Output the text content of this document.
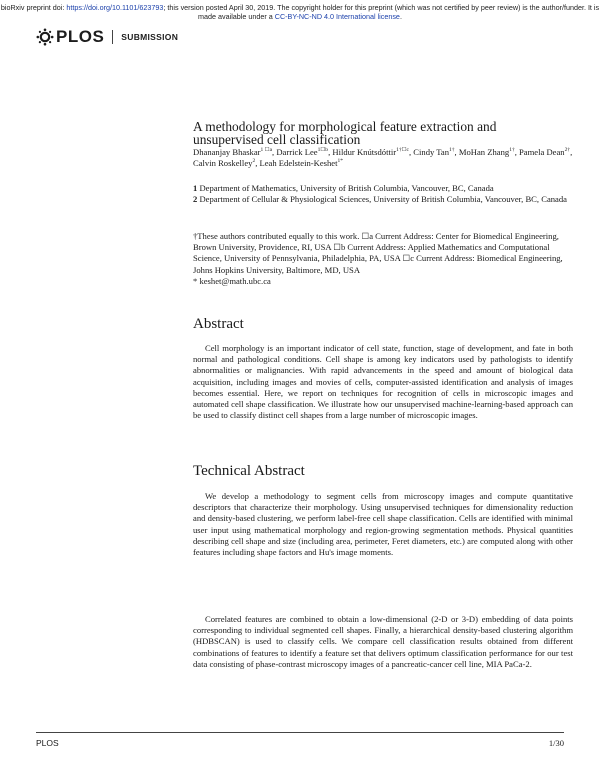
bioRxiv preprint doi: https://doi.org/10.1101/623793; this version posted April 30, 2019. The copyright holder for this preprint (which was not certified by peer review) is the author/funder. It is made available under a CC-BY-NC-ND 4.0 International license.
PLOS SUBMISSION
A methodology for morphological feature extraction and unsupervised cell classification
Dhananjay Bhaskar$^{1 ☐a}$, Darrick Lee$^{1☐b}$, Hildur Knútsdóttir$^{1\dagger☐c}$, Cindy Tan$^{1\dagger}$, MoHan Zhang$^{1\dagger}$, Pamela Dean$^{2\dagger}$, Calvin Roskelley$^2$, Leah Edelstein-Keshet$^{1*}$
1 Department of Mathematics, University of British Columbia, Vancouver, BC, Canada
2 Department of Cellular & Physiological Sciences, University of British Columbia, Vancouver, BC, Canada
†These authors contributed equally to this work. ☐a Current Address: Center for Biomedical Engineering, Brown University, Providence, RI, USA ☐b Current Address: Applied Mathematics and Computational Science, University of Pennsylvania, Philadelphia, PA, USA ☐c Current Address: Biomedical Engineering, Johns Hopkins University, Baltimore, MD, USA
* keshet@math.ubc.ca
Abstract
Cell morphology is an important indicator of cell state, function, stage of development, and fate in both normal and pathological conditions. Cell shape is among key indicators used by pathologists to identify abnormalities or malignancies. With rapid advancements in the speed and amount of biological data acquisition, including images and movies of cells, computer-assisted identification and analysis of images becomes essential. Here, we report on techniques for recognition of cells in microscopic images and automated cell shape classification. We illustrate how our unsupervised machine-learning-based approach can be used to classify distinct cell shapes from a large number of microscopic images.
Technical Abstract
We develop a methodology to segment cells from microscopy images and compute quantitative descriptors that characterize their morphology. Using unsupervised techniques for dimensionality reduction and density-based clustering, we perform label-free cell shape classification. Cells are identified with minimal user input using mathematical morphology and region-growing segmentation methods. Physical quantities describing cell shape and size (including area, perimeter, Feret diameters, etc.) are computed along with other features including shape factors and Hu's image moments.
Correlated features are combined to obtain a low-dimensional (2-D or 3-D) embedding of data points corresponding to individual segmented cell shapes. Finally, a hierarchical density-based clustering algorithm (HDBSCAN) is used to classify cells. We compare cell classification results obtained from different combinations of features to identify a feature set that delivers optimum classification performance for our test data consisting of phase-contrast microscopy images of a pancreatic-cancer cell line, MIA PaCa-2.
PLOS	1/30
